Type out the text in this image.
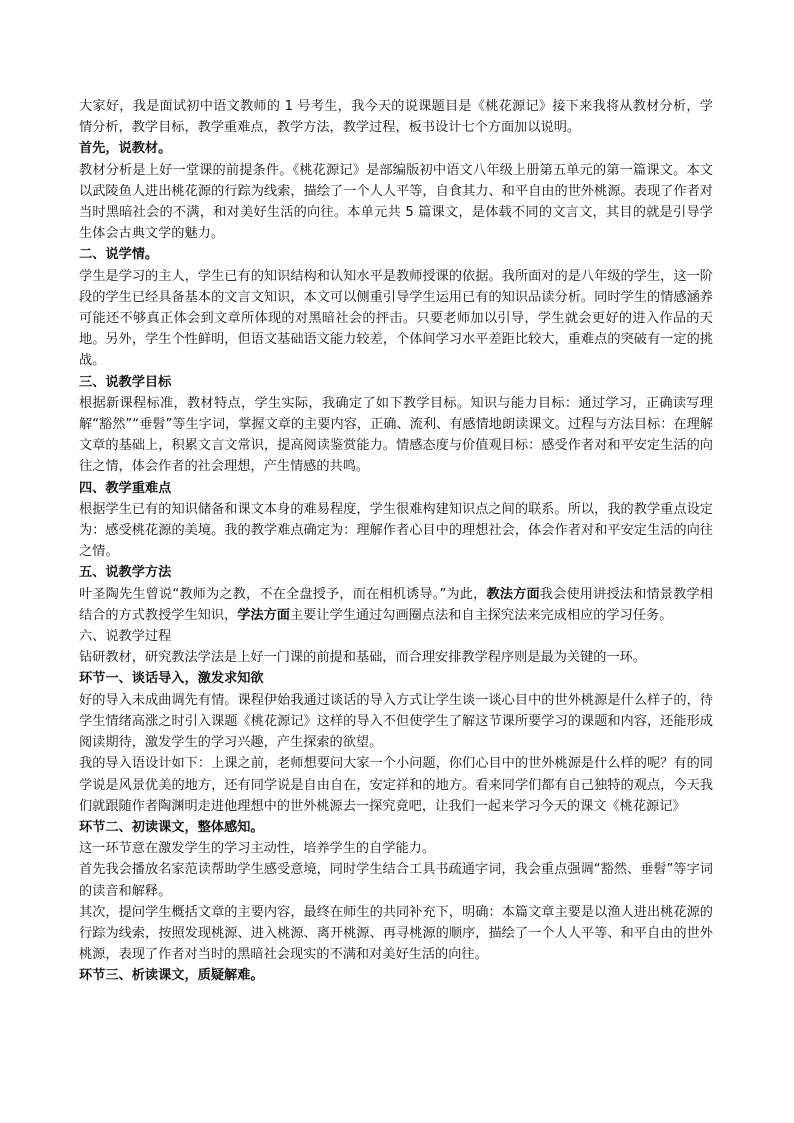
大家好，我是面试初中语文教师的 1 号考生，我今天的说课题目是《桃花源记》接下来我将从教材分析，学情分析，教学目标，教学重难点，教学方法，教学过程，板书设计七个方面加以说明。

首先，说教材。

教材分析是上好一堂课的前提条件。《桃花源记》是部编版初中语文八年级上册第五单元的第一篇课文。本文以武陵鱼人进出桃花源的行踪为线索，描绘了一个人人平等，自食其力、和平自由的世外桃源。表现了作者对当时黑暗社会的不满，和对美好生活的向往。本单元共 5 篇课文，是体载不同的文言文，其目的就是引导学生体会古典文学的魅力。

二、说学情。

学生是学习的主人，学生已有的知识结构和认知水平是教师授课的依据。我所面对的是八年级的学生，这一阶段的学生已经具备基本的文言文知识，本文可以侧重引导学生运用已有的知识品读分析。同时学生的情感涵养可能还不够真正体会到文章所体现的对黑暗社会的抨击。只要老师加以引导，学生就会更好的进入作品的天地。另外，学生个性鲜明，但语文基础语文能力较差，个体间学习水平差距比较大，重难点的突破有一定的挑战。

三、说教学目标

根据新课程标准，教材特点，学生实际，我确定了如下教学目标。知识与能力目标：通过学习，正确读写理解“豁然”“垂髫”等生字词，掌握文章的主要内容，正确、流利、有感情地朗读课文。过程与方法目标：在理解文章的基础上，积累文言文常识，提高阅读鉴赏能力。情感态度与价值观目标：感受作者对和平安定生活的向往之情，体会作者的社会理想，产生情感的共鸣。

四、教学重难点

根据学生已有的知识储备和课文本身的难易程度，学生很难构建知识点之间的联系。所以，我的教学重点设定为：感受桃花源的美境。我的教学难点确定为：理解作者心目中的理想社会，体会作者对和平安定生活的向往之情。

五、说教学方法

叶圣陶先生曾说“教师为之教，不在全盘授予，而在相机诱导。”为此，教法方面我会使用讲授法和情景教学相结合的方式教授学生知识，学法方面主要让学生通过勾画圈点法和自主探究法来完成相应的学习任务。

六、说教学过程

钻研教材，研究教法学法是上好一门课的前提和基础，而合理安排教学程序则是最为关键的一环。

环节一、谈话导入，激发求知欲

好的导入未成曲调先有情。课程伊始我通过谈话的导入方式让学生谈一谈心目中的世外桃源是什么样子的，待学生情绪高涨之时引入课题《桃花源记》这样的导入不但使学生了解这节课所要学习的课题和内容，还能形成阅读期待，激发学生的学习兴趣，产生探索的欲望。

我的导入语设计如下：上课之前，老师想要问大家一个小问题，你们心目中的世外桃源是什么样的呢？有的同学说是风景优美的地方，还有同学说是自由自在，安定祥和的地方。看来同学们都有自己独特的观点，今天我们就跟随作者陶渊明走进他理想中的世外桃源去一探究竟吧，让我们一起来学习今天的课文《桃花源记》

环节二、初读课文，整体感知。

这一环节意在激发学生的学习主动性，培养学生的自学能力。

首先我会播放名家范读帮助学生感受意境，同时学生结合工具书疏通字词，我会重点强调“豁然、垂髫”等字词的读音和解释。

其次，提问学生概括文章的主要内容，最终在师生的共同补充下，明确：本篇文章主要是以渔人进出桃花源的行踪为线索，按照发现桃源、进入桃源、离开桃源、再寻桃源的顺序，描绘了一个人人平等、和平自由的世外桃源，表现了作者对当时的黑暗社会现实的不满和对美好生活的向往。

环节三、析读课文，质疑解难。
